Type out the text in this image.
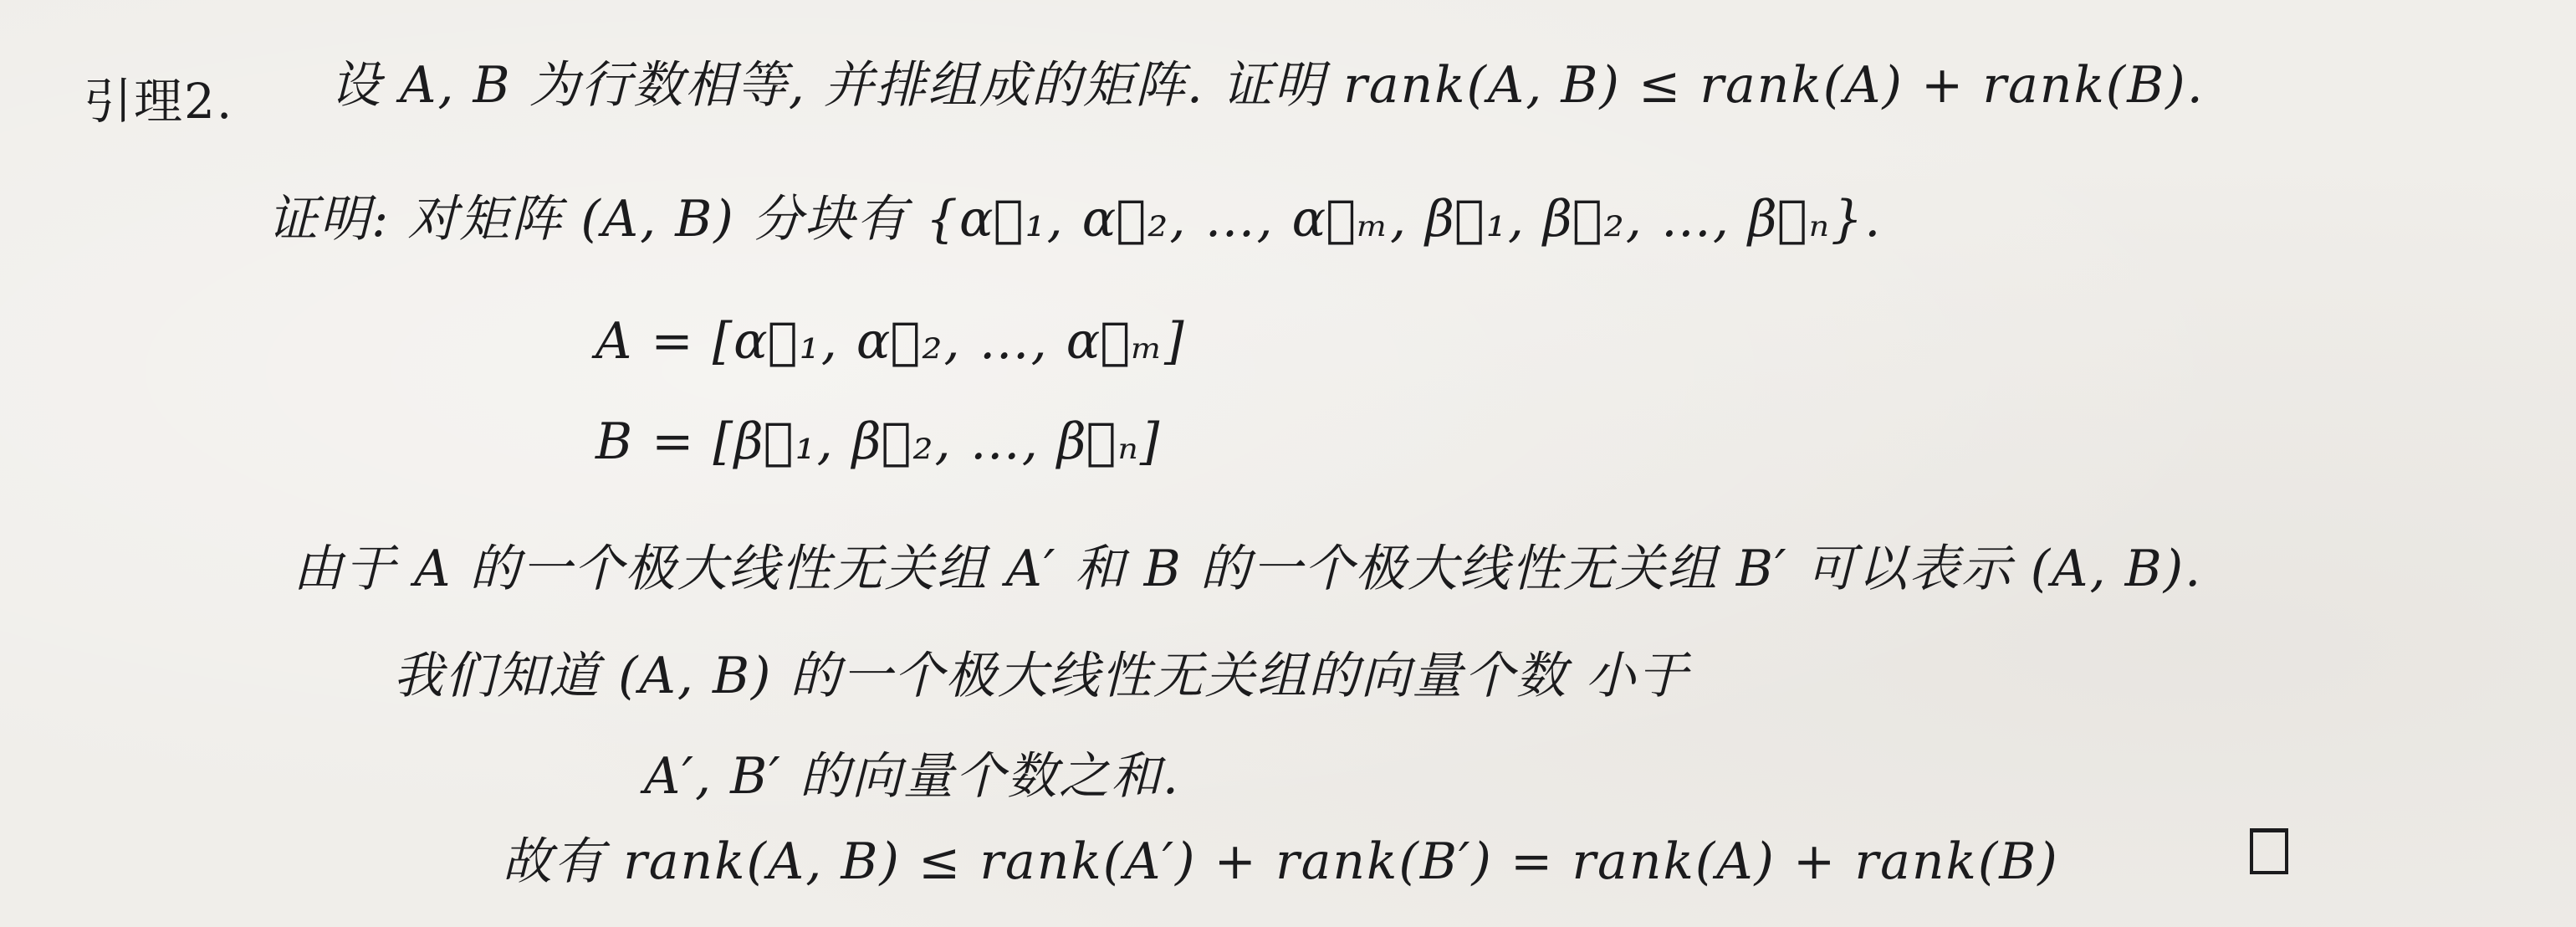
引理2. 设 A, B 为行数相等, 并排组成的矩阵. 证明 rank(A, B) ≤ rank(A) + rank(B).
证明: 对矩阵 (A, B) 分块有 {α⃗₁, α⃗₂, …, α⃗ₘ, β⃗₁, β⃗₂, …, β⃗ₙ}.
A = [α⃗₁, α⃗₂, …, α⃗ₘ]
B = [β⃗₁, β⃗₂, …, β⃗ₙ]
由于 A 的一个极大线性无关组 A′ 和 B 的一个极大线性无关组 B′ 可以表示 (A, B).
我们知道 (A, B) 的一个极大线性无关组的向量个数 小于
A′, B′ 的向量个数之和.
故有 rank(A, B) ≤ rank(A′) + rank(B′) = rank(A) + rank(B)
